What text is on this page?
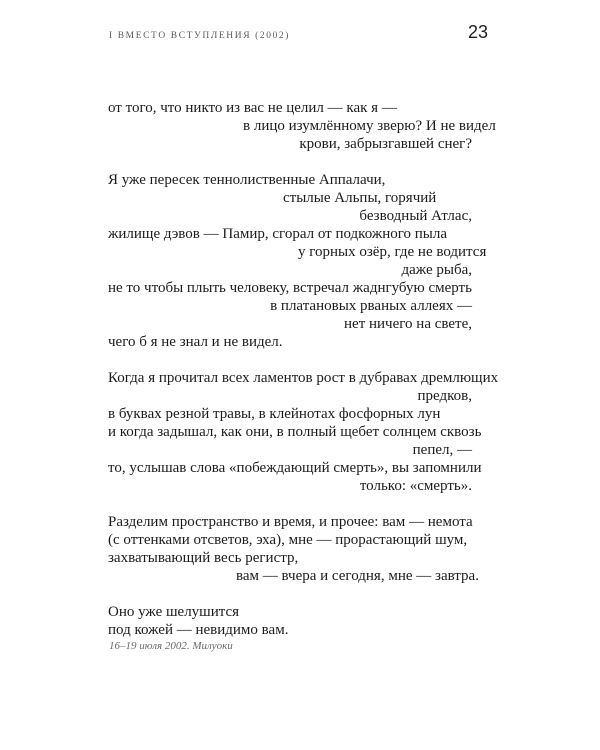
I ВМЕСТО ВСТУПЛЕНИЯ (2002)	23
от того, что никто из вас не целил — как я —
в лицо изумлённому зверю? И не видел
крови, забрызгавшей снег?
Я уже пересек теннолиственные Аппалачи,
стылые Альпы, горячий
безводный Атлас,
жилище дэвов — Памир, сгорал от подкожного пыла
у горных озёр, где не водится
даже рыба,
не то чтобы плыть человеку, встречал жаднгубую смерть
в платановых рваных аллеях —
нет ничего на свете,
чего б я не знал и не видел.
Когда я прочитал всех ламентов рост в дубравах дремлющих
предков,
в буквах резной травы, в клейнотах фосфорных лун
и когда задышал, как они, в полный щебет солнцем сквозь
пепел, —
то, услышав слова «побеждающий смерть», вы запомнили
только: «смерть».
Разделим пространство и время, и прочее: вам — немота
(с оттенками отсветов, эха), мне — прорастающий шум,
захватывающий весь регистр,
вам — вчера и сегодня, мне — завтра.
Оно уже шелушится
под кожей — невидимо вам.
16–19 июля 2002. Милуоки
